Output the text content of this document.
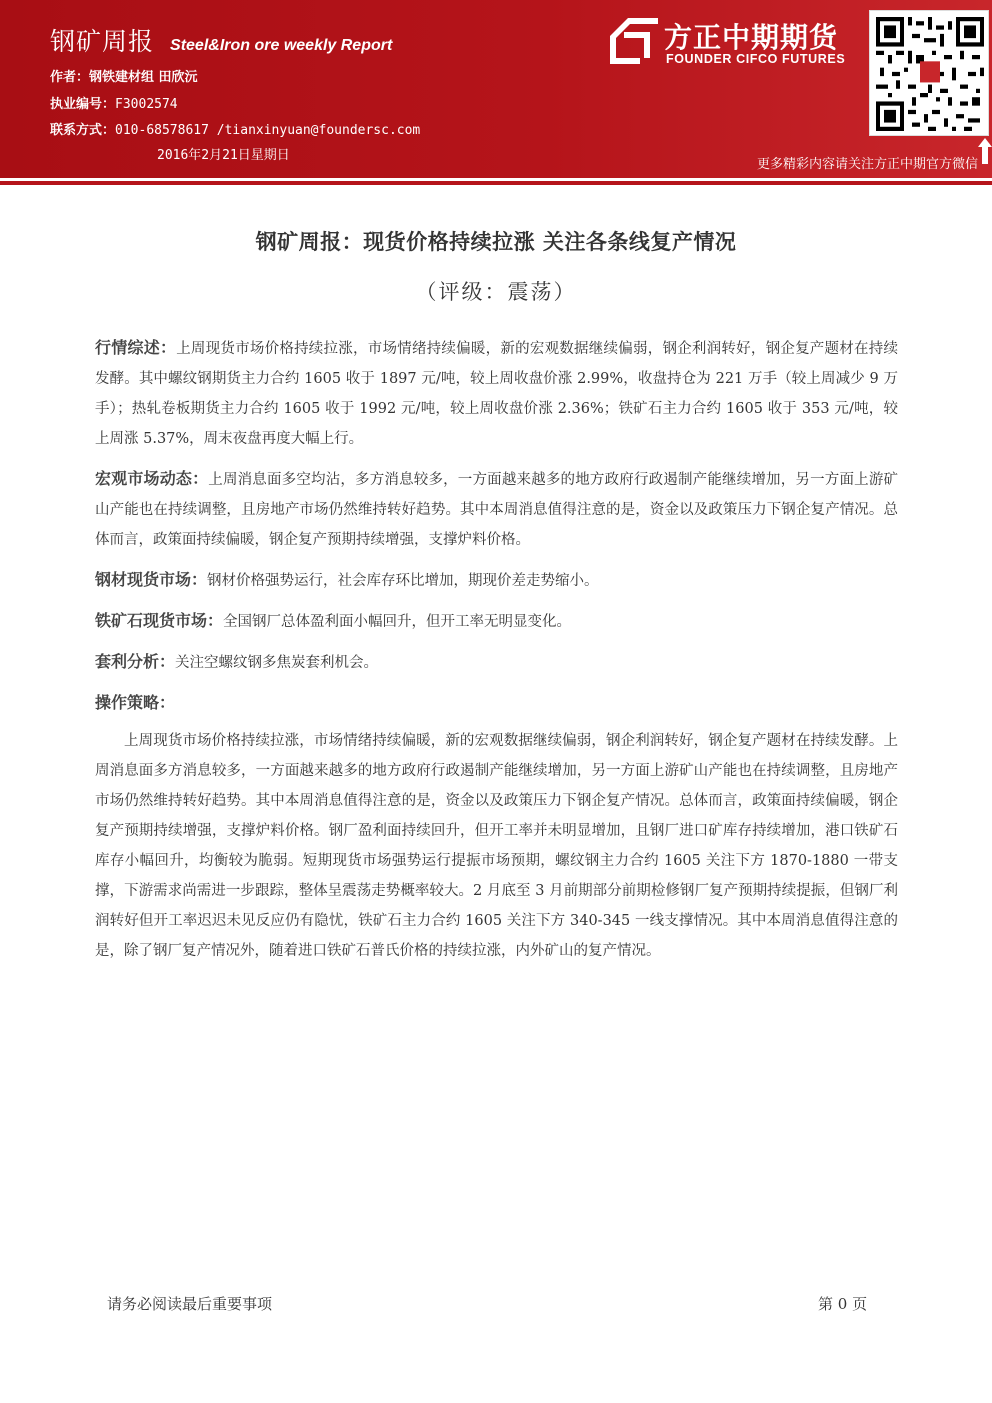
钢矿周报 Steel&Iron ore weekly Report
作者：钢铁建材组 田欣沅
执业编号：F3002574
联系方式：010-68578617 /tianxinyuan@foundersc.com
2016年2月21日星期日
方正中期期货
FOUNDER CIFCO FUTURES
更多精彩内容请关注方正中期官方微信
钢矿周报：现货价格持续拉涨 关注各条线复产情况
（评级：震荡）

行情综述：上周现货市场价格持续拉涨，市场情绪持续偏暖，新的宏观数据继续偏弱，钢企利润转好，钢企复产题材在持续发酵。其中螺纹钢期货主力合约 1605 收于 1897 元/吨，较上周收盘价涨 2.99%，收盘持仓为 221 万手（较上周减少 9 万手）；热轧卷板期货主力合约 1605 收于 1992 元/吨，较上周收盘价涨 2.36%；铁矿石主力合约 1605 收于 353 元/吨，较上周涨 5.37%，周末夜盘再度大幅上行。

宏观市场动态：上周消息面多空均沾，多方消息较多，一方面越来越多的地方政府行政遏制产能继续增加，另一方面上游矿山产能也在持续调整，且房地产市场仍然维持转好趋势。其中本周消息值得注意的是，资金以及政策压力下钢企复产情况。总体而言，政策面持续偏暖，钢企复产预期持续增强，支撑炉料价格。

钢材现货市场：钢材价格强势运行，社会库存环比增加，期现价差走势缩小。

铁矿石现货市场：全国钢厂总体盈利面小幅回升，但开工率无明显变化。

套利分析：关注空螺纹钢多焦炭套利机会。

操作策略：

上周现货市场价格持续拉涨，市场情绪持续偏暖，新的宏观数据继续偏弱，钢企利润转好，钢企复产题材在持续发酵。上周消息面多方消息较多，一方面越来越多的地方政府行政遏制产能继续增加，另一方面上游矿山产能也在持续调整，且房地产市场仍然维持转好趋势。其中本周消息值得注意的是，资金以及政策压力下钢企复产情况。总体而言，政策面持续偏暖，钢企复产预期持续增强，支撑炉料价格。钢厂盈利面持续回升，但开工率并未明显增加，且钢厂进口矿库存持续增加，港口铁矿石库存小幅回升，均衡较为脆弱。短期现货市场强势运行提振市场预期，螺纹钢主力合约 1605 关注下方 1870-1880 一带支撑，下游需求尚需进一步跟踪，整体呈震荡走势概率较大。2 月底至 3 月前期部分前期检修钢厂复产预期持续提振，但钢厂利润转好但开工率迟迟未见反应仍有隐忧，铁矿石主力合约 1605 关注下方 340-345 一线支撑情况。其中本周消息值得注意的是，除了钢厂复产情况外，随着进口铁矿石普氏价格的持续拉涨，内外矿山的复产情况。

请务必阅读最后重要事项	第 0 页
